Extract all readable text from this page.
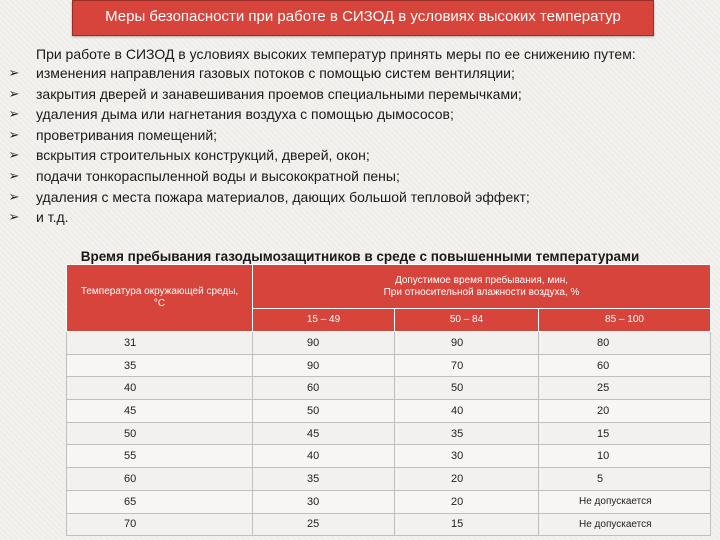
Меры безопасности при работе в СИЗОД в условиях высоких температур
При работе в СИЗОД в условиях высоких температур принять меры по ее снижению путем:
➢ изменения направления газовых потоков с помощью систем вентиляции;
➢ закрытия дверей и занавешивания проемов специальными перемычками;
➢ удаления дыма или нагнетания воздуха с помощью дымососов;
➢ проветривания помещений;
➢ вскрытия строительных конструкций, дверей, окон;
➢ подачи тонкораспыленной воды и высокократной пены;
➢ удаления с места пожара материалов, дающих большой тепловой эффект;
➢ и т.д.
Время пребывания газодымозащитников в среде с повышенными температурами
Температура окружающей среды, °С	Допустимое время пребывания, мин,
При относительной влажности воздуха, %		

	15 – 49	50 – 84	85 – 100
31	90	90	80
35	90	70	60
40	60	50	25
45	50	40	20
50	45	35	15
55	40	30	10
60	35	20	5
65	30	20	Не допускается
70	25	15	Не допускается
